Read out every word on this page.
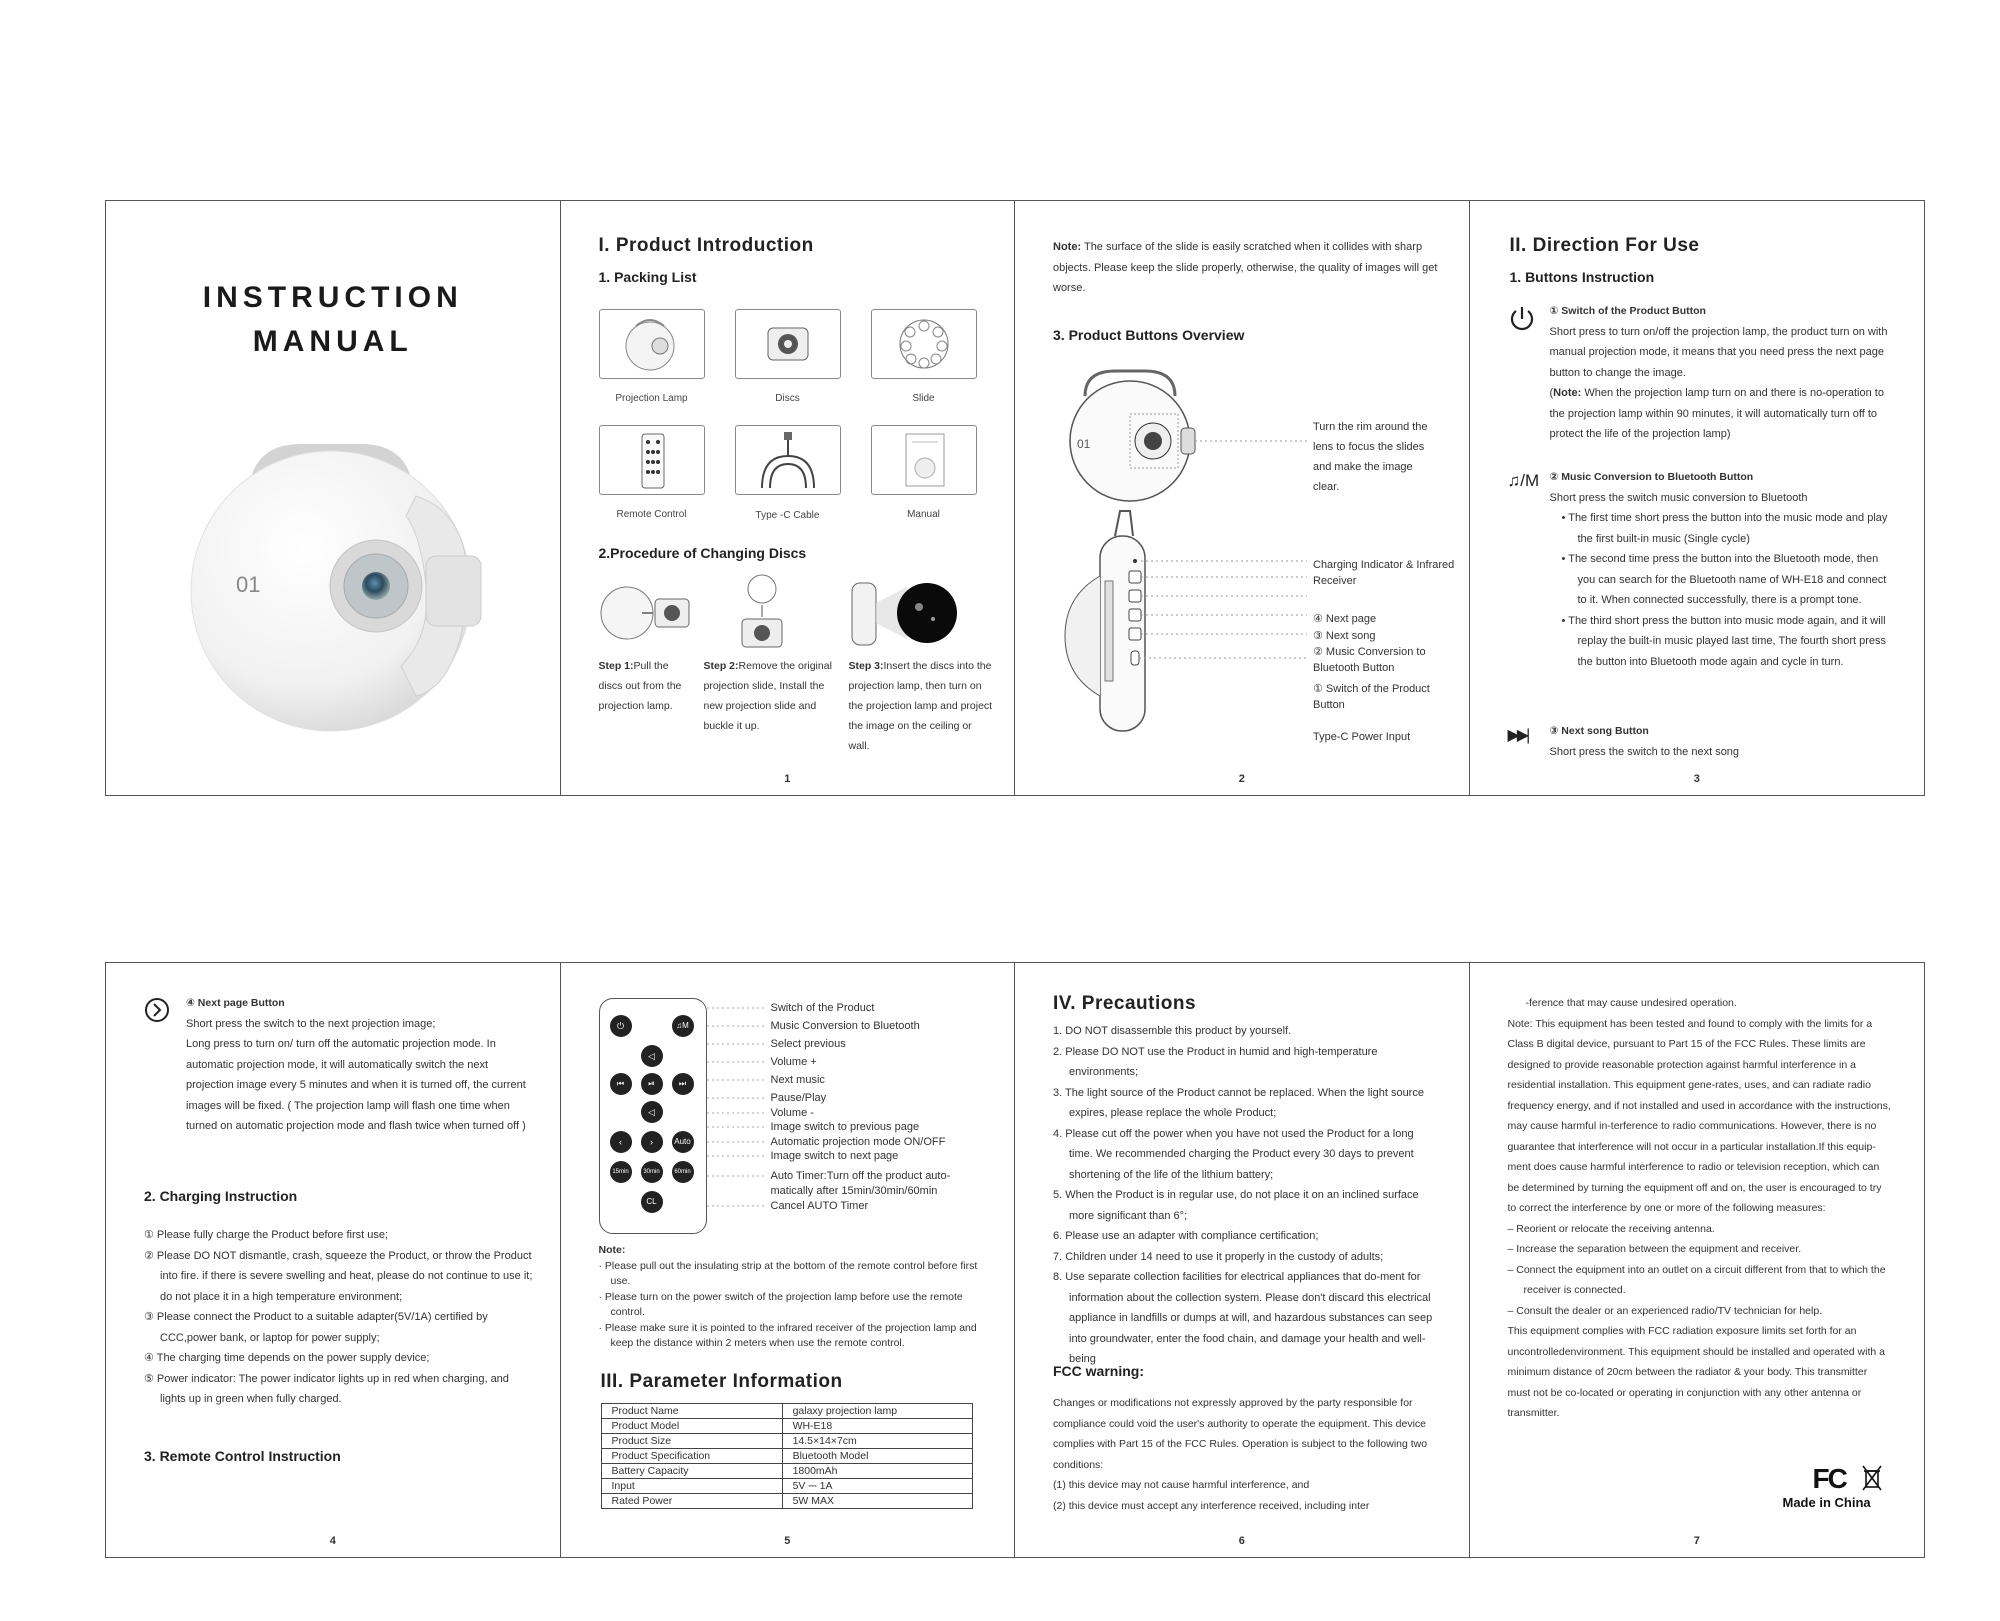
INSTRUCTION
MANUAL
01
I. Product Introduction
1. Packing List
Projection Lamp	Discs	Slide
Remote Control	Type -C Cable	Manual
2.Procedure of Changing Discs
Step 1:Pull the discs out from the projection lamp.
Step 2:Remove the original projection slide, Install the new projection slide and buckle it up.
Step 3:Insert the discs into the projection lamp, then turn on the projection lamp and project the image on the ceiling or wall.
1
Note: The surface of the slide is easily scratched when it collides with sharp objects. Please keep the slide properly, otherwise, the quality of images will get worse.
3. Product Buttons Overview
01
Turn the rim around the lens to focus the slides and make the image clear.
Charging Indicator & Infrared Receiver
④ Next page
③ Next song
② Music Conversion to Bluetooth Button
① Switch of the Product Button
Type-C Power Input
2
II. Direction For Use
1. Buttons Instruction
① Switch of the Product Button
Short press to turn on/off the projection lamp, the product turn on with manual projection mode, it means that you need press the next page button to change the image.
(Note: When the projection lamp turn on and there is no-operation to the projection lamp within 90 minutes, it will automatically turn off to protect the life of the projection lamp)
♫/M ② Music Conversion to Bluetooth Button
Short press the switch music conversion to Bluetooth
• The first time short press the button into the music mode and play the first built-in music (Single cycle)
• The second time press the button into the Bluetooth mode, then you can search for the Bluetooth name of WH-E18 and connect to it. When connected successfully, there is a prompt tone.
• The third short press the button into music mode again, and it will replay the built-in music played last time, The fourth short press the button into Bluetooth mode again and cycle in turn.
▶▶| ③ Next song Button
Short press the switch to the next song
3
④ Next page Button
Short press the switch to the next projection image;
Long press to turn on/ turn off the automatic projection mode. In automatic projection mode, it will automatically switch the next projection image every 5 minutes and when it is turned off, the current images will be fixed. ( The projection lamp will flash one time when turned on automatic projection mode and flash twice when turned off )
2. Charging Instruction
① Please fully charge the Product before first use;
② Please DO NOT dismantle, crash, squeeze the Product, or throw the Product into fire. if there is severe swelling and heat, please do not continue to use it; do not place it in a high temperature environment;
③ Please connect the Product to a suitable adapter(5V/1A) certified by CCC,power bank, or laptop for power supply;
④ The charging time depends on the power supply device;
⑤ Power indicator: The power indicator lights up in red when charging, and lights up in green when fully charged.
3. Remote Control Instruction
4
⏻	♫M
◁
⏮	⏯	⏭
◁
‹	›	Auto
15min	30min	60min
CL
Switch of the Product
Music Conversion to Bluetooth
Select previous
Volume +
Next music
Pause/Play
Volume -
Image switch to previous page
Automatic projection mode ON/OFF
Image switch to next page
Auto Timer:Turn off the product auto-matically after 15min/30min/60min
Cancel AUTO Timer
Note:
· Please pull out the insulating strip at the bottom of the remote control before first use.
· Please turn on the power switch of the projection lamp before use the remote control.
· Please make sure it is pointed to the infrared receiver of the projection lamp and keep the distance within 2 meters when use the remote control.
III. Parameter Information
Product Name	galaxy projection lamp
Product Model	WH-E18
Product Size	14.5×14×7cm
Product Specification	Bluetooth Model
Battery Capacity	1800mAh
Input	5V ⎓ 1A
Rated Power	5W MAX
5
IV. Precautions
1. DO NOT disassemble this product by yourself.
2. Please DO NOT use the Product in humid and high-temperature environments;
3. The light source of the Product cannot be replaced. When the light source expires, please replace the whole Product;
4. Please cut off the power when you have not used the Product for a long time. We recommended charging the Product every 30 days to prevent shortening of the life of the lithium battery;
5. When the Product is in regular use, do not place it on an inclined surface more significant than 6°;
6. Please use an adapter with compliance certification;
7. Children under 14 need to use it properly in the custody of adults;
8. Use separate collection facilities for electrical appliances that do-ment for information about the collection system. Please don't discard this electrical appliance in landfills or dumps at will, and hazardous substances can seep into groundwater, enter the food chain, and damage your health and well-being
FCC warning:
Changes or modifications not expressly approved by the party responsible for compliance could void the user's authority to operate the equipment. This device complies with Part 15 of the FCC Rules. Operation is subject to the following two conditions:
(1) this device may not cause harmful interference, and
(2) this device must accept any interference received, including inter
6
-ference that may cause undesired operation.
Note: This equipment has been tested and found to comply with the limits for a Class B digital device, pursuant to Part 15 of the FCC Rules. These limits are designed to provide reasonable protection against harmful interference in a residential installation. This equipment gene-rates, uses, and can radiate radio frequency energy, and if not installed and used in accordance with the instructions, may cause harmful in-terference to radio communications. However, there is no guarantee that interference will not occur in a particular installation.If this equip-ment does cause harmful interference to radio or television reception, which can be determined by turning the equipment off and on, the user is encouraged to try to correct the interference by one or more of the following measures:
– Reorient or relocate the receiving antenna.
– Increase the separation between the equipment and receiver.
– Connect the equipment into an outlet on a circuit different from that to which the receiver is connected.
– Consult the dealer or an experienced radio/TV technician for help.
This equipment complies with FCC radiation exposure limits set forth for an uncontrolledenvironment. This equipment should be installed and operated with a minimum distance of 20cm between the radiator & your body. This transmitter must not be co-located or operating in conjunction with any other antenna or transmitter.
FC
Made in China
7
